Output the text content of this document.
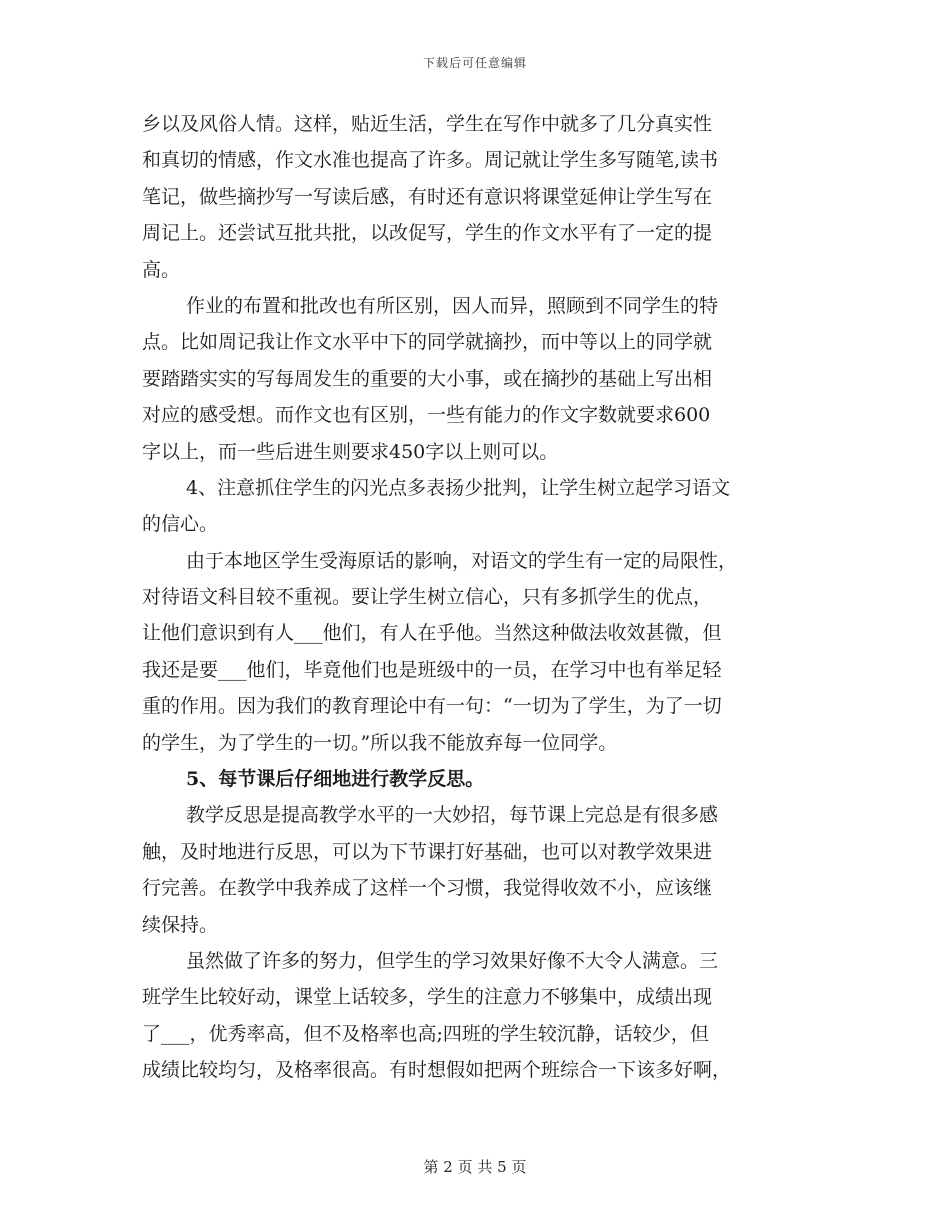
下载后可任意编辑
乡以及风俗人情。这样，贴近生活，学生在写作中就多了几分真实性
和真切的情感，作文水准也提高了许多。周记就让学生多写随笔,读书
笔记，做些摘抄写一写读后感，有时还有意识将课堂延伸让学生写在
周记上。还尝试互批共批，以改促写，学生的作文水平有了一定的提
高。
作业的布置和批改也有所区别，因人而异，照顾到不同学生的特
点。比如周记我让作文水平中下的同学就摘抄，而中等以上的同学就
要踏踏实实的写每周发生的重要的大小事，或在摘抄的基础上写出相
对应的感受想。而作文也有区别，一些有能力的作文字数就要求600
字以上，而一些后进生则要求450字以上则可以。
4、注意抓住学生的闪光点多表扬少批判，让学生树立起学习语文
的信心。
由于本地区学生受海原话的影响，对语文的学生有一定的局限性，
对待语文科目较不重视。要让学生树立信心，只有多抓学生的优点，
让他们意识到有人___他们，有人在乎他。当然这种做法收效甚微，但
我还是要___他们，毕竟他们也是班级中的一员，在学习中也有举足轻
重的作用。因为我们的教育理论中有一句：“一切为了学生，为了一切
的学生，为了学生的一切。”所以我不能放弃每一位同学。
5、每节课后仔细地进行教学反思。
教学反思是提高教学水平的一大妙招，每节课上完总是有很多感
触，及时地进行反思，可以为下节课打好基础，也可以对教学效果进
行完善。在教学中我养成了这样一个习惯，我觉得收效不小，应该继
续保持。
虽然做了许多的努力，但学生的学习效果好像不大令人满意。三
班学生比较好动，课堂上话较多，学生的注意力不够集中，成绩出现
了___，优秀率高，但不及格率也高;四班的学生较沉静，话较少，但
成绩比较均匀，及格率很高。有时想假如把两个班综合一下该多好啊，
第 2 页 共 5 页
